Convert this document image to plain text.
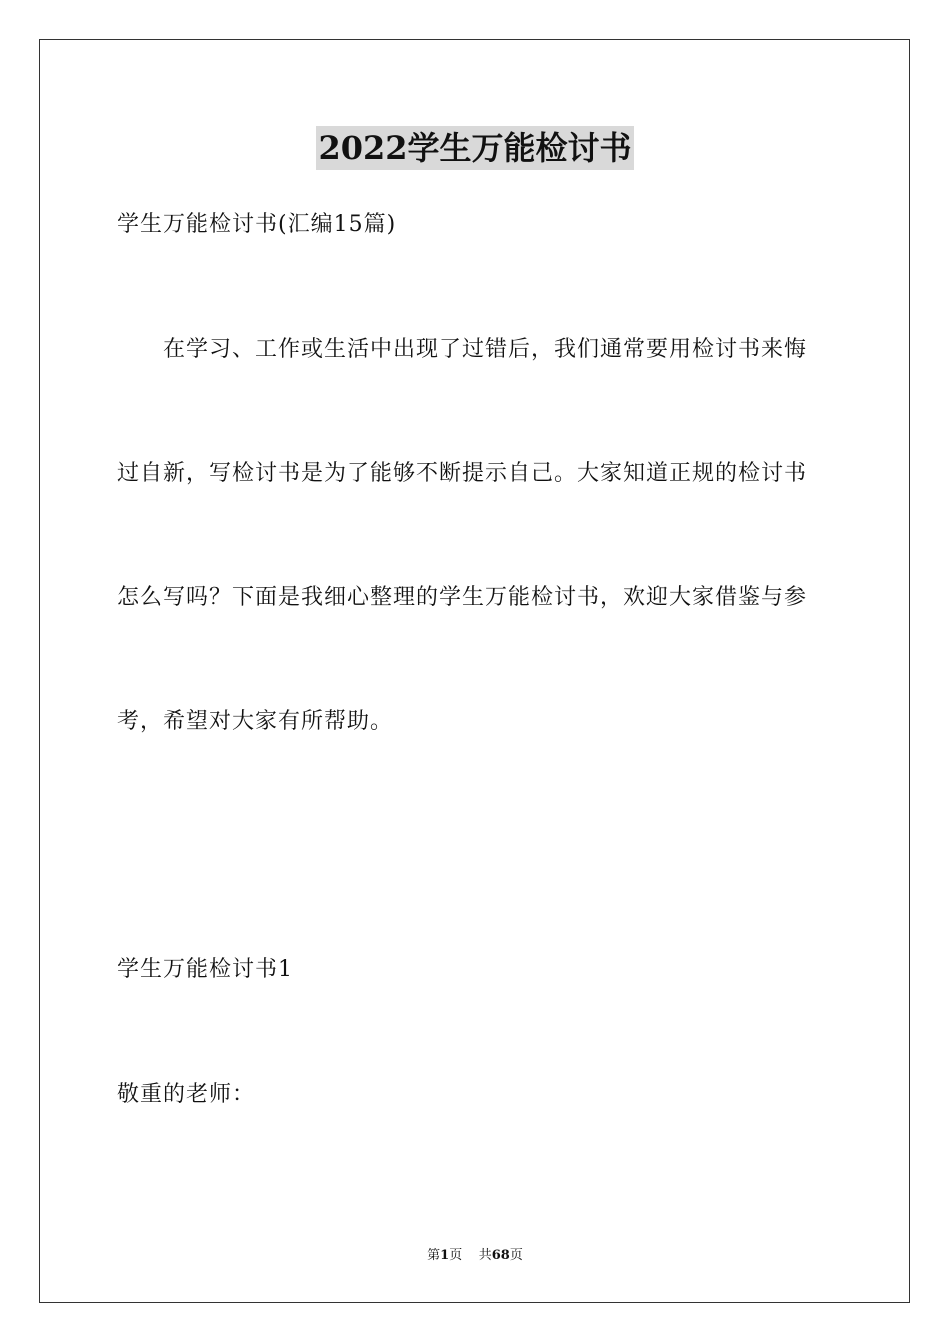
2022学生万能检讨书
学生万能检讨书(汇编15篇)
在学习、工作或生活中出现了过错后，我们通常要用检讨书来悔
过自新，写检讨书是为了能够不断提示自己。大家知道正规的检讨书
怎么写吗？下面是我细心整理的学生万能检讨书，欢迎大家借鉴与参
考，希望对大家有所帮助。
学生万能检讨书1
敬重的老师：
第1页 共68页
